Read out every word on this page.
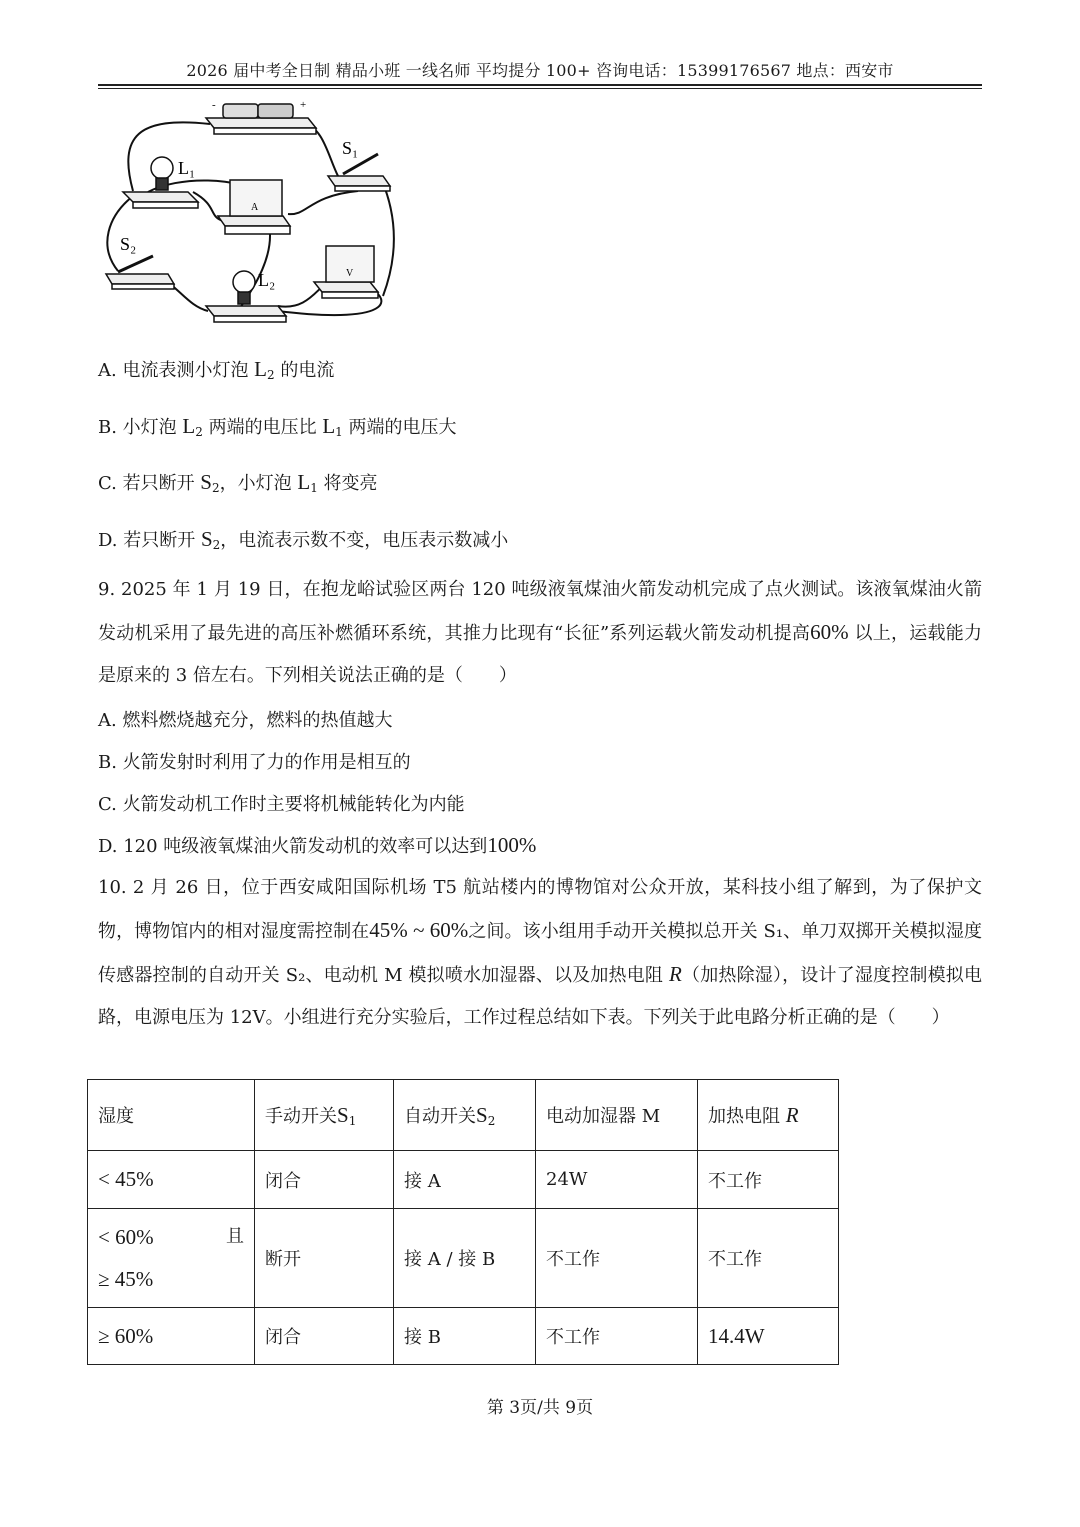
2026 届中考全日制 精品小班 一线名师 平均提分 100+ 咨询电话：15399176567 地点：西安市
-	+
L₁
S₁
A
S₂
L₂	V
A. 电流表测小灯泡 $L_2$ 的电流
B. 小灯泡 $L_2$ 两端的电压比 $L_1$ 两端的电压大
C. 若只断开 $S_2$，小灯泡 $L_1$ 将变亮
D. 若只断开 $S_2$，电流表示数不变，电压表示数减小
9. 2025 年 1 月 19 日，在抱龙峪试验区两台 120 吨级液氧煤油火箭发动机完成了点火测试。该液氧煤油火箭发动机采用了最先进的高压补燃循环系统，其推力比现有“长征”系列运载火箭发动机提高60% 以上，运载能力是原来的 3 倍左右。下列相关说法正确的是（　　）
A. 燃料燃烧越充分，燃料的热值越大
B. 火箭发射时利用了力的作用是相互的
C. 火箭发动机工作时主要将机械能转化为内能
D. 120 吨级液氧煤油火箭发动机的效率可以达到100%
10. 2 月 26 日，位于西安咸阳国际机场 T5 航站楼内的博物馆对公众开放，某科技小组了解到，为了保护文物，博物馆内的相对湿度需控制在45% ~ 60%之间。该小组用手动开关模拟总开关 S₁、单刀双掷开关模拟湿度传感器控制的自动开关 S₂、电动机 M 模拟喷水加湿器、以及加热电阻 R（加热除湿），设计了湿度控制模拟电路，电源电压为 12V。小组进行充分实验后，工作过程总结如下表。下列关于此电路分析正确的是（　　）
湿度	手动开关$S_1$	自动开关$S_2$	电动加湿器 M	加热电阻 R
< 45%	闭合	接 A	24W	不工作

< 60% 且
≥ 45%	断开	接 A / 接 B	不工作	不工作
≥ 60%	闭合	接 B	不工作	14.4W
第 3页/共 9页
